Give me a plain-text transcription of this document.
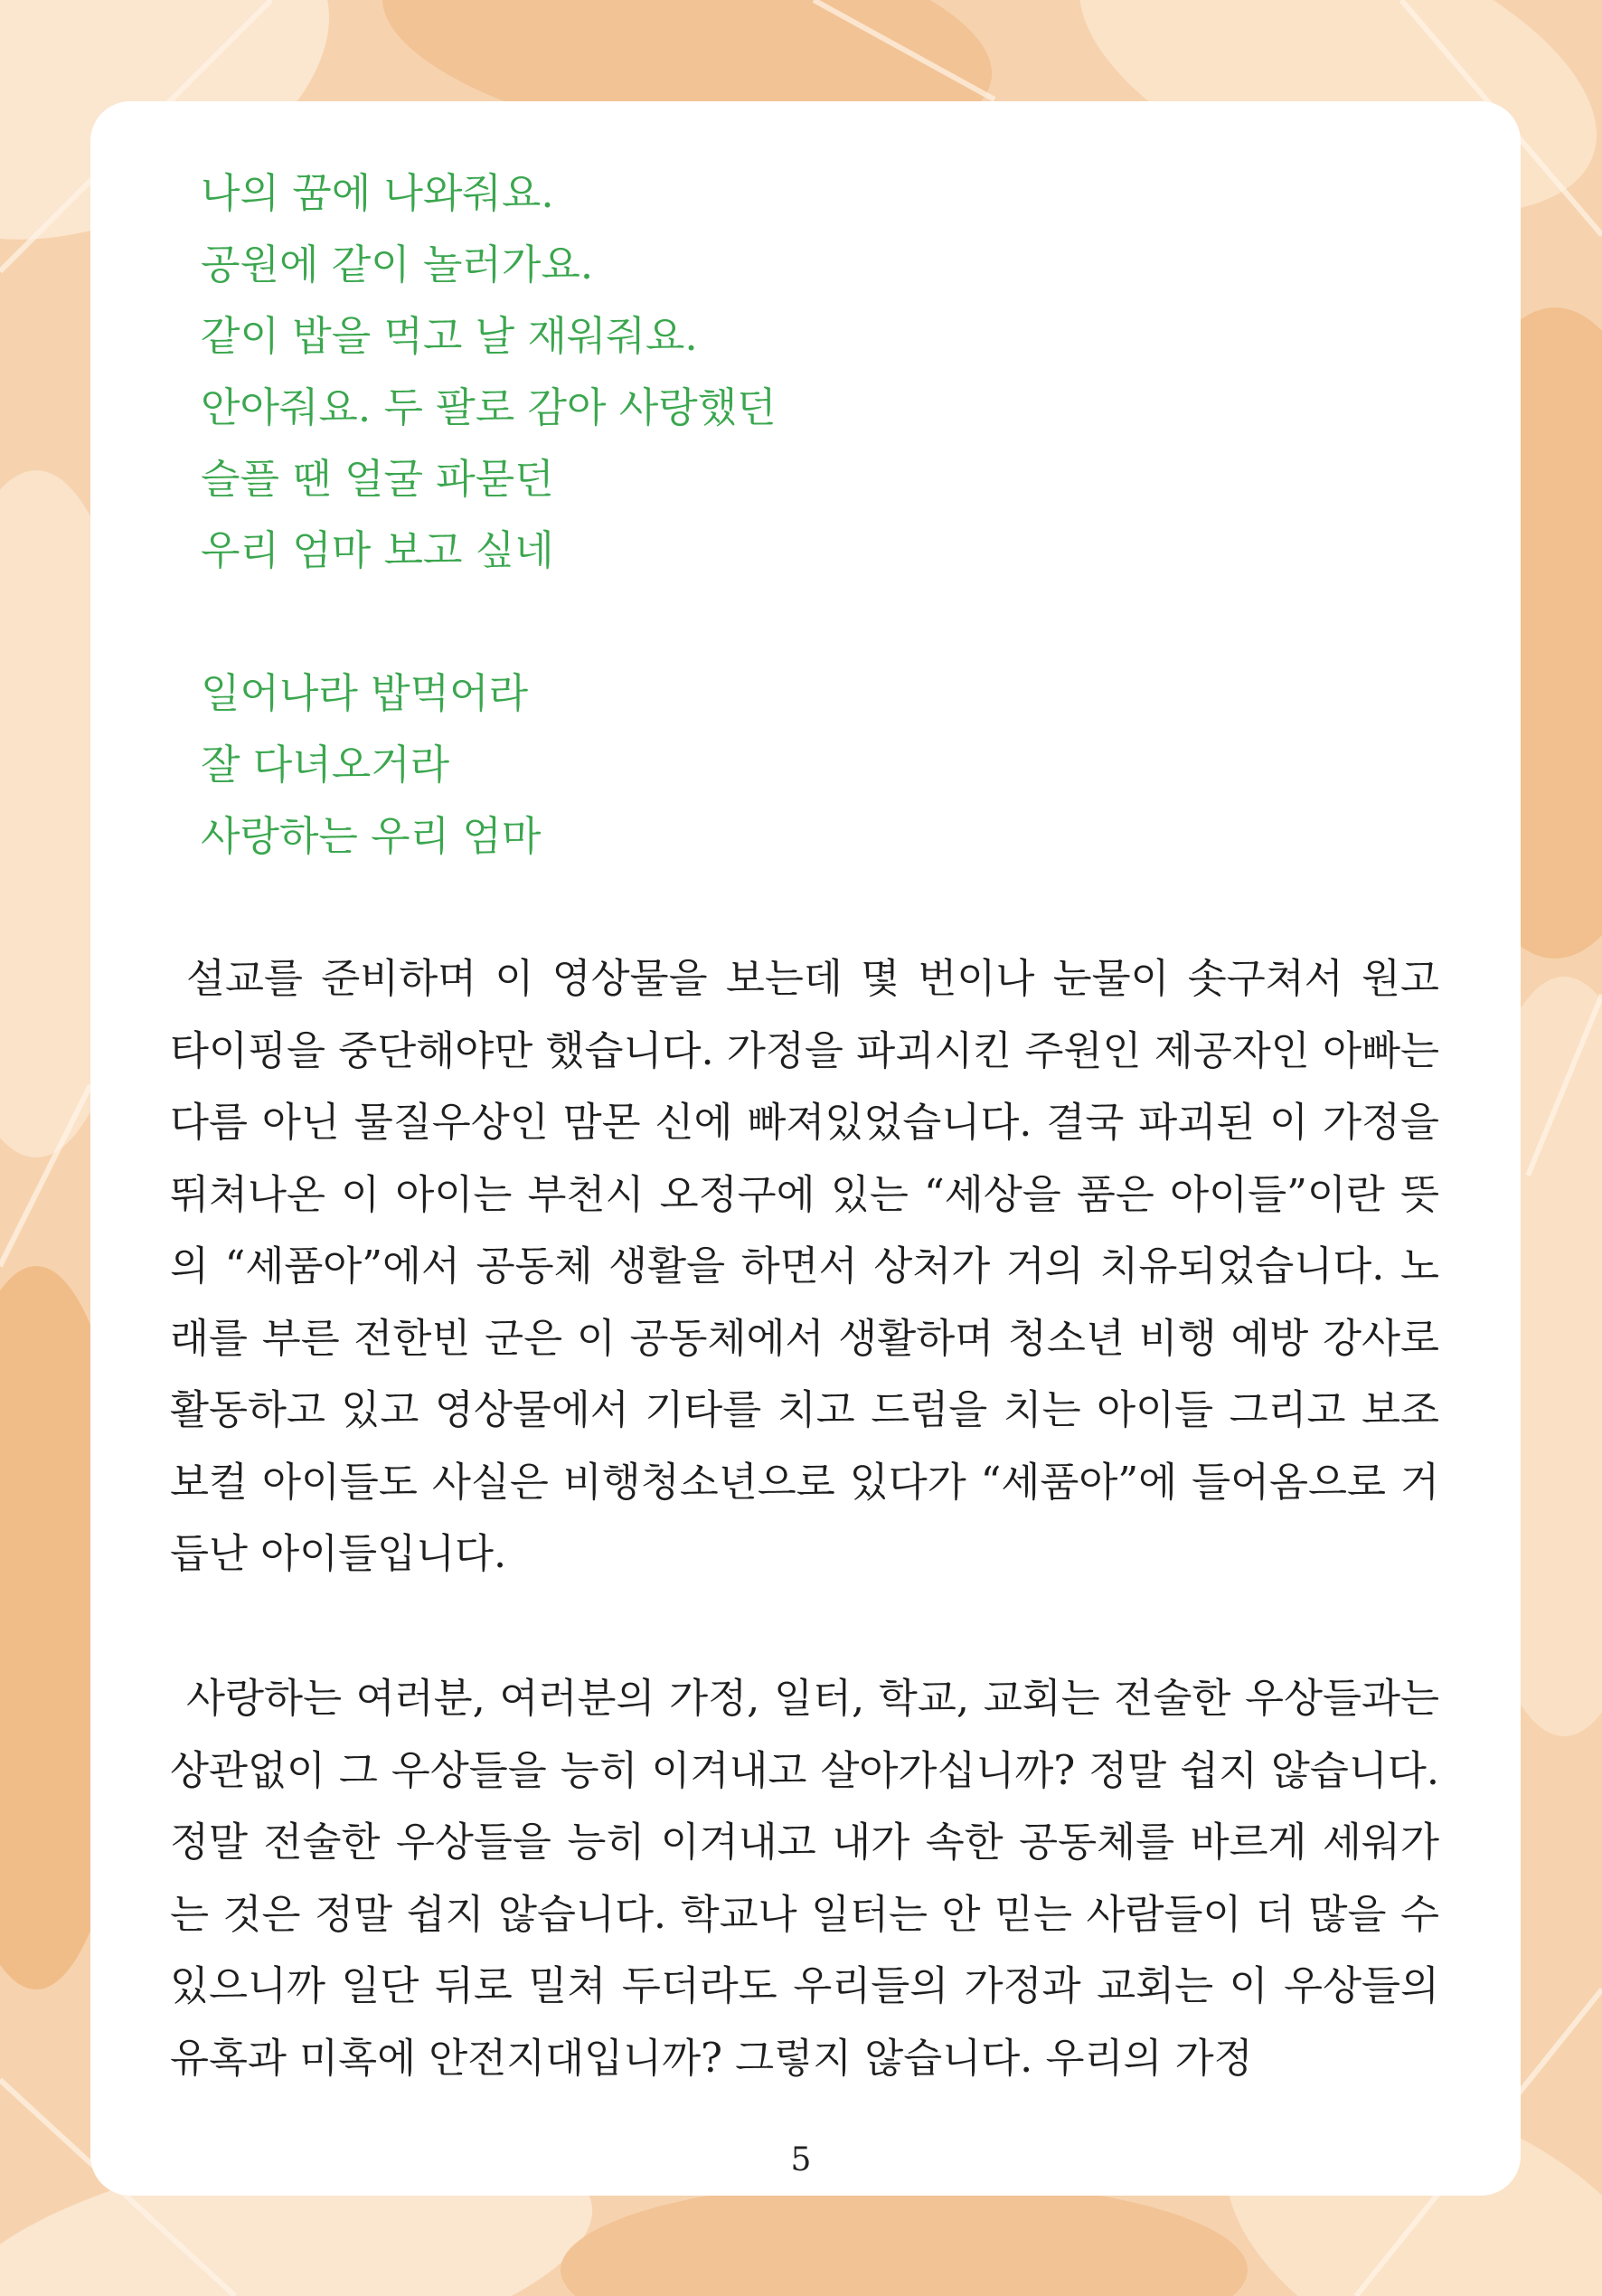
나의 꿈에 나와줘요.
공원에 같이 놀러가요.
같이 밥을 먹고 날 재워줘요.
안아줘요. 두 팔로 감아 사랑했던
슬플 땐 얼굴 파묻던
우리 엄마 보고 싶네
일어나라 밥먹어라
잘 다녀오거라
사랑하는 우리 엄마

설교를 준비하며 이 영상물을 보는데 몇 번이나 눈물이 솟구쳐서 원고 타이핑을 중단해야만 했습니다. 가정을 파괴시킨 주원인 제공자인 아빠는 다름 아닌 물질우상인 맘몬 신에 빠져있었습니다. 결국 파괴된 이 가정을 뛰쳐나온 이 아이는 부천시 오정구에 있는 “세상을 품은 아이들”이란 뜻의 “세품아”에서 공동체 생활을 하면서 상처가 거의 치유되었습니다. 노래를 부른 전한빈 군은 이 공동체에서 생활하며 청소년 비행 예방 강사로 활동하고 있고 영상물에서 기타를 치고 드럼을 치는 아이들 그리고 보조보컬 아이들도 사실은 비행청소년으로 있다가 “세품아”에 들어옴으로 거듭난 아이들입니다.

사랑하는 여러분, 여러분의 가정, 일터, 학교, 교회는 전술한 우상들과는 상관없이 그 우상들을 능히 이겨내고 살아가십니까? 정말 쉽지 않습니다. 정말 전술한 우상들을 능히 이겨내고 내가 속한 공동체를 바르게 세워가는 것은 정말 쉽지 않습니다. 학교나 일터는 안 믿는 사람들이 더 많을 수 있으니까 일단 뒤로 밀쳐 두더라도 우리들의 가정과 교회는 이 우상들의 유혹과 미혹에 안전지대입니까? 그렇지 않습니다. 우리의 가정

5
